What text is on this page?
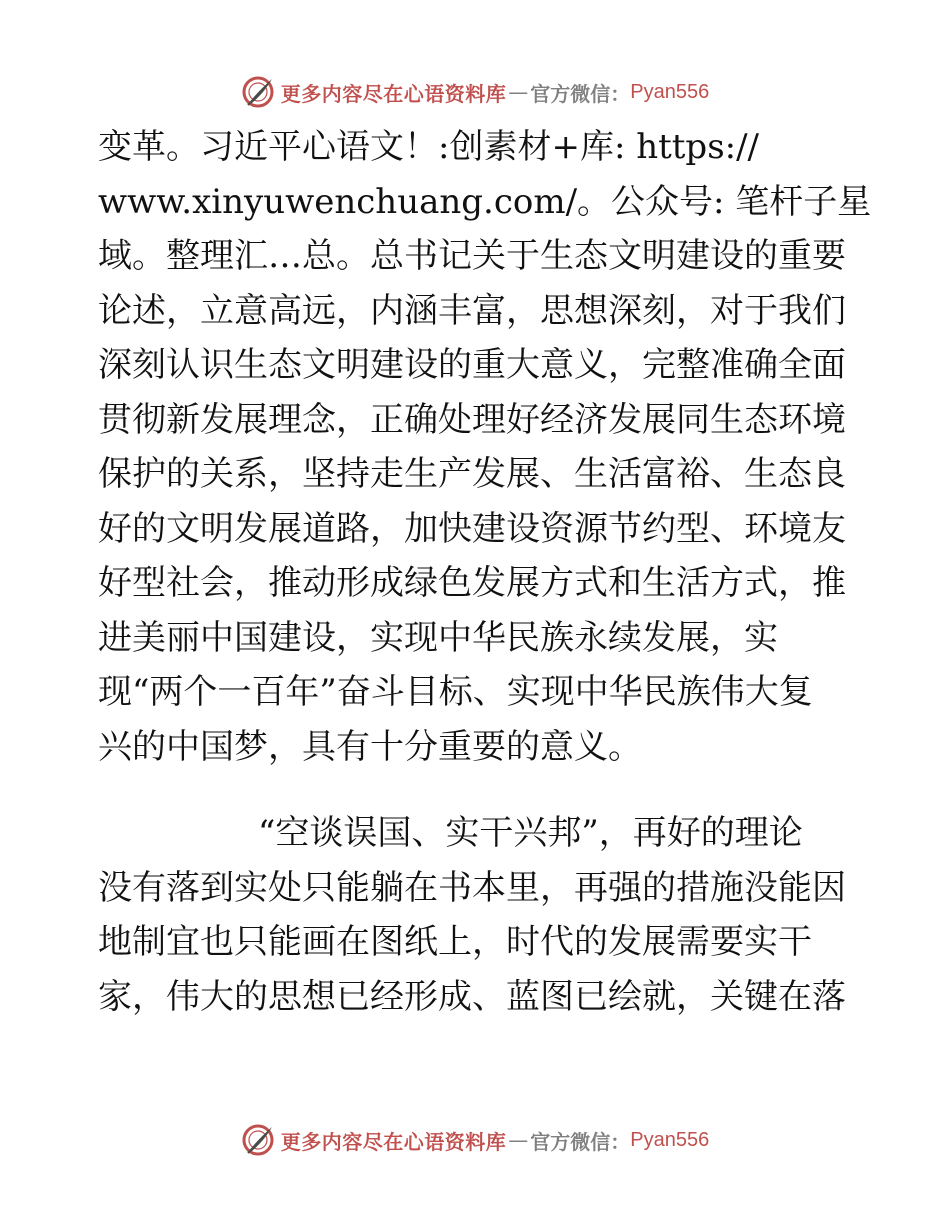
更多内容尽在心语资料库 — 官方微信： Pyan556
变革。习近平心语文！:创素材+库: https://
www.xinyuwenchuang.com/。公众号: 笔杆子星
域。整理汇…总。总书记关于生态文明建设的重要
论述，立意高远，内涵丰富，思想深刻，对于我们
深刻认识生态文明建设的重大意义，完整准确全面
贯彻新发展理念，正确处理好经济发展同生态环境
保护的关系，坚持走生产发展、生活富裕、生态良
好的文明发展道路，加快建设资源节约型、环境友
好型社会，推动形成绿色发展方式和生活方式，推
进美丽中国建设，实现中华民族永续发展，实
现“两个一百年”奋斗目标、实现中华民族伟大复
兴的中国梦，具有十分重要的意义。
“空谈误国、实干兴邦”，再好的理论
没有落到实处只能躺在书本里，再强的措施没能因
地制宜也只能画在图纸上，时代的发展需要实干
家，伟大的思想已经形成、蓝图已绘就，关键在落
更多内容尽在心语资料库 — 官方微信： Pyan556
